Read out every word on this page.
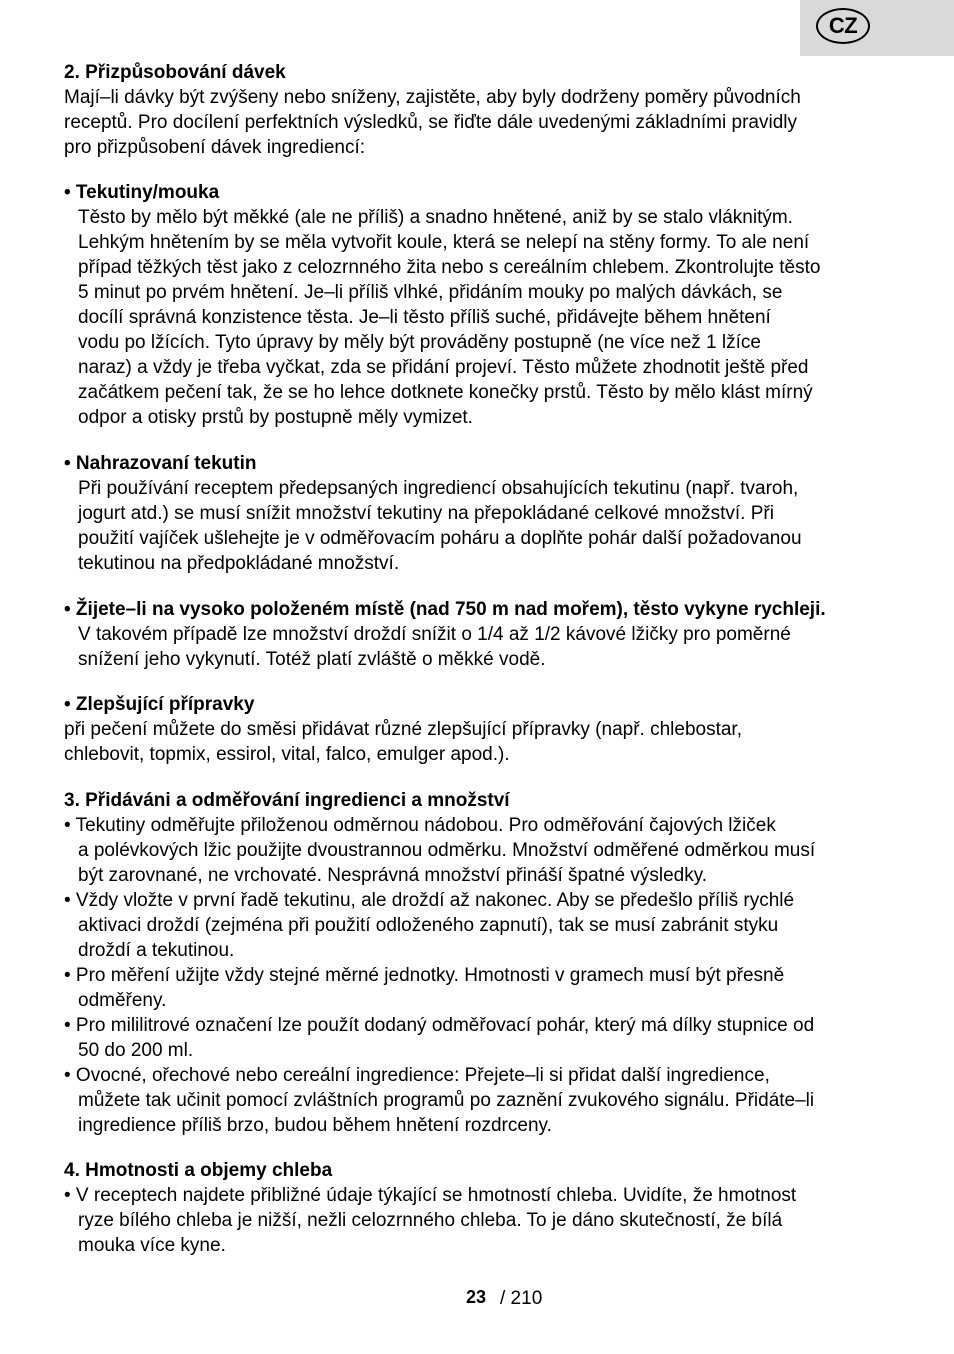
CZ
2. Přizpůsobování dávek
Mají–li dávky být zvýšeny nebo sníženy, zajistěte, aby byly dodrženy poměry původních
receptů. Pro docílení perfektních výsledků, se řiďte dále uvedenými základními pravidly
pro přizpůsobení dávek ingrediencí:
• Tekutiny/mouka
Těsto by mělo být měkké (ale ne příliš) a snadno hnětené, aniž by se stalo vláknitým.
Lehkým hnětením by se měla vytvořit koule, která se nelepí na stěny formy. To ale není
případ těžkých těst jako z celozrnného žita nebo s cereálním chlebem. Zkontrolujte těsto
5 minut po prvém hnětení. Je–li příliš vlhké, přidáním mouky po malých dávkách, se
docílí správná konzistence těsta. Je–li těsto příliš suché, přidávejte během hnětení
vodu po lžících. Tyto úpravy by měly být prováděny postupně (ne více než 1 lžíce
naraz) a vždy je třeba vyčkat, zda se přidání projeví. Těsto můžete zhodnotit ještě před
začátkem pečení tak, že se ho lehce dotknete konečky prstů. Těsto by mělo klást mírný
odpor a otisky prstů by postupně měly vymizet.
• Nahrazovaní tekutin
Při používání receptem předepsaných ingrediencí obsahujících tekutinu (např. tvaroh,
jogurt atd.) se musí snížit množství tekutiny na přepokládané celkové množství. Při
použití vajíček ušlehejte je v odměřovacím poháru a doplňte pohár další požadovanou
tekutinou na předpokládané množství.
• Žijete–li na vysoko položeném místě (nad 750 m nad mořem), těsto vykyne rychleji.
V takovém případě lze množství droždí snížit o 1/4 až 1/2 kávové lžičky pro poměrné
snížení jeho vykynutí. Totéž platí zvláště o měkké vodě.
• Zlepšující přípravky
při pečení můžete do směsi přidávat různé zlepšující přípravky (např. chlebostar,
chlebovit, topmix, essirol, vital, falco, emulger apod.).
3. Přidáváni a odměřování ingredienci a množství
• Tekutiny odměřujte přiloženou odměrnou nádobou. Pro odměřování čajových lžiček
a polévkových lžic použijte dvoustrannou odměrku. Množství odměřené odměrkou musí
být zarovnané, ne vrchovaté. Nesprávná množství přináší špatné výsledky.
• Vždy vložte v první řadě tekutinu, ale droždí až nakonec. Aby se předešlo příliš rychlé
aktivaci droždí (zejména při použití odloženého zapnutí), tak se musí zabránit styku
droždí a tekutinou.
• Pro měření užijte vždy stejné měrné jednotky. Hmotnosti v gramech musí být přesně
odměřeny.
• Pro mililitrové označení lze použít dodaný odměřovací pohár, který má dílky stupnice od
50 do 200 ml.
• Ovocné, ořechové nebo cereální ingredience: Přejete–li si přidat další ingredience,
můžete tak učinit pomocí zvláštních programů po zaznění zvukového signálu. Přidáte–li
ingredience příliš brzo, budou během hnětení rozdrceny.
4. Hmotnosti a objemy chleba
• V receptech najdete přibližné údaje týkající se hmotností chleba. Uvidíte, že hmotnost
ryze bílého chleba je nižší, nežli celozrnného chleba. To je dáno skutečností, že bílá
mouka více kyne.
23 / 210
